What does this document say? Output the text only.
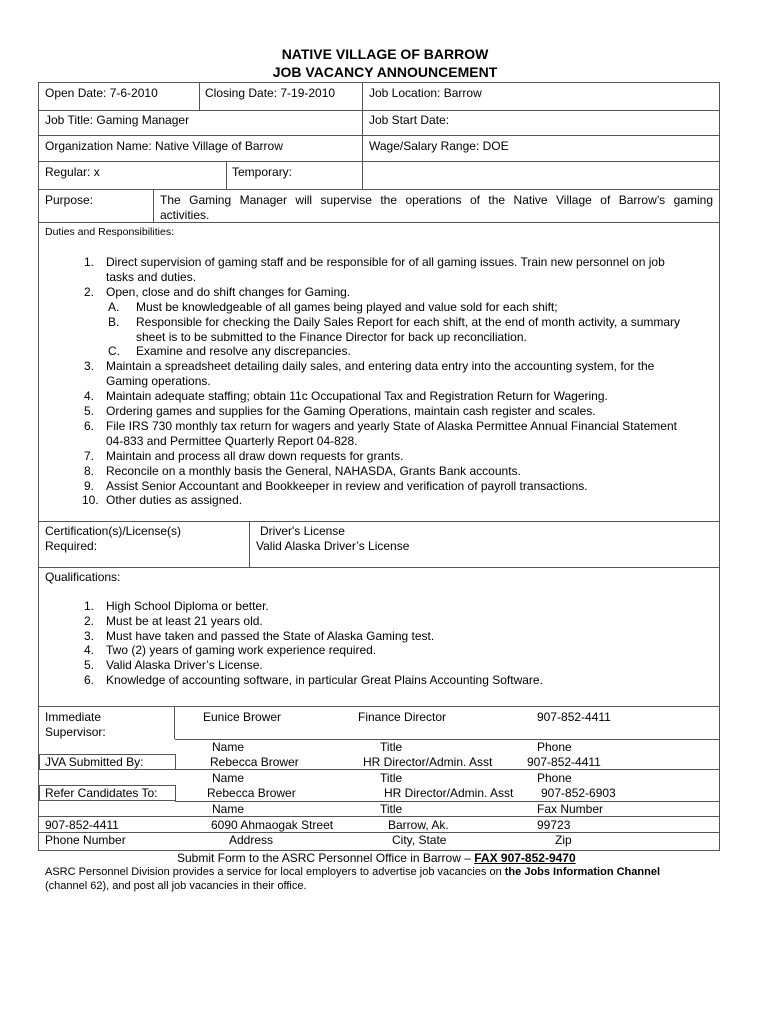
NATIVE VILLAGE OF BARROW
JOB VACANCY ANNOUNCEMENT
Open Date: 7-6-2010	Closing Date: 7-19-2010	Job Location: Barrow
Job Title: Gaming Manager	Job Start Date:
Organization Name: Native Village of Barrow	Wage/Salary Range: DOE
Regular: x	Temporary:
Purpose:	The Gaming Manager will supervise the operations of the Native Village of Barrow’s gaming
activities.
Duties and Responsibilities:
1. Direct supervision of gaming staff and be responsible for of all gaming issues. Train new personnel on job
tasks and duties.
2. Open, close and do shift changes for Gaming.
A. Must be knowledgeable of all games being played and value sold for each shift;
B. Responsible for checking the Daily Sales Report for each shift, at the end of month activity, a summary
sheet is to be submitted to the Finance Director for back up reconciliation.
C. Examine and resolve any discrepancies.
3. Maintain a spreadsheet detailing daily sales, and entering data entry into the accounting system, for the
Gaming operations.
4. Maintain adequate staffing; obtain 11c Occupational Tax and Registration Return for Wagering.
5. Ordering games and supplies for the Gaming Operations, maintain cash register and scales.
6. File IRS 730 monthly tax return for wagers and yearly State of Alaska Permittee Annual Financial Statement
04-833 and Permittee Quarterly Report 04-828.
7. Maintain and process all draw down requests for grants.
8. Reconcile on a monthly basis the General, NAHASDA, Grants Bank accounts.
9. Assist Senior Accountant and Bookkeeper in review and verification of payroll transactions.
10. Other duties as assigned.
Certification(s)/License(s)
Required:
Driver's License
Valid Alaska Driver’s License
Qualifications:
1. High School Diploma or better.
2. Must be at least 21 years old.
3. Must have taken and passed the State of Alaska Gaming test.
4. Two (2) years of gaming work experience required.
5. Valid Alaska Driver’s License.
6. Knowledge of accounting software, in particular Great Plains Accounting Software.
Immediate
Supervisor:
Eunice Brower	Finance Director	907-852-4411
Name	Title	Phone
JVA Submitted By:	Rebecca Brower	HR Director/Admin. Asst	907-852-4411
Name	Title	Phone
Refer Candidates To:	Rebecca Brower	HR Director/Admin. Asst 907-852-6903
Name	Title	Fax Number
907-852-4411	6090 Ahmaogak Street	Barrow, Ak.	99723
Phone Number	Address	City, State	Zip
Submit Form to the ASRC Personnel Office in Barrow – FAX 907-852-9470
ASRC Personnel Division provides a service for local employers to advertise job vacancies on the Jobs Information Channel
(channel 62), and post all job vacancies in their office.
